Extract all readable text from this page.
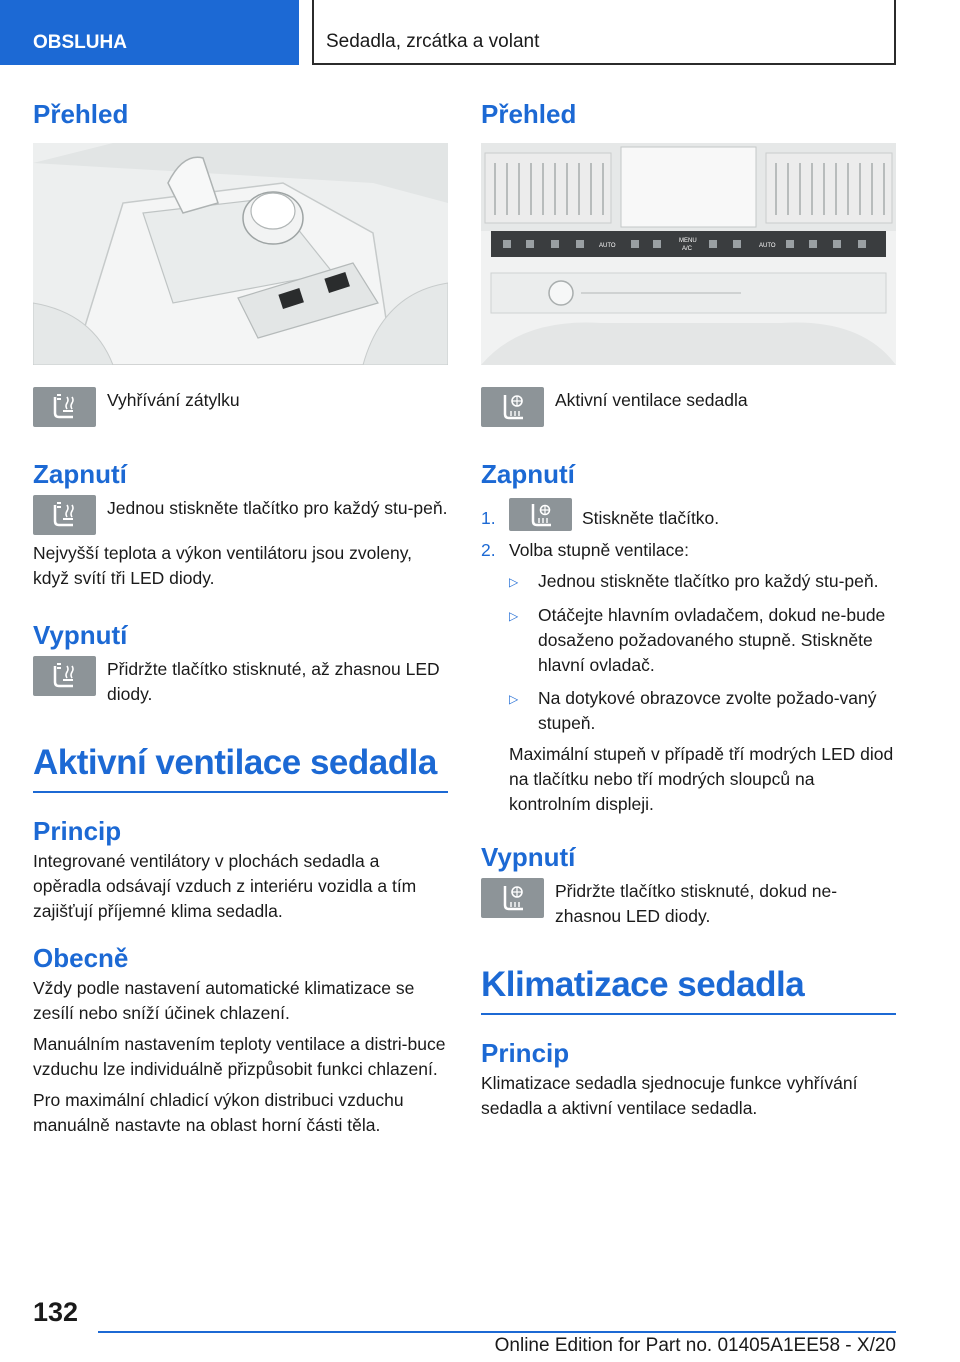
OBSLUHA	Sedadla, zrcátka a volant
Přehled
Vyhřívání zátylku
Zapnutí
Jednou stiskněte tlačítko pro každý stu-peň.
Nejvyšší teplota a výkon ventilátoru jsou zvoleny, když svítí tři LED diody.
Vypnutí
Přidržte tlačítko stisknuté, až zhasnou LED diody.
Aktivní ventilace sedadla
Princip
Integrované ventilátory v plochách sedadla a opěradla odsávají vzduch z interiéru vozidla a tím zajišťují příjemné klima sedadla.
Obecně
Vždy podle nastavení automatické klimatizace se zesílí nebo sníží účinek chlazení.
Manuálním nastavením teploty ventilace a distri-buce vzduchu lze individuálně přizpůsobit funkci chlazení.
Pro maximální chladicí výkon distribuci vzduchu manuálně nastavte na oblast horní části těla.
Přehled
AUTO
MENU
A/C	AUTO
Aktivní ventilace sedadla
Zapnutí
1.	Stiskněte tlačítko.
2. Volba stupně ventilace:
▷	Jednou stiskněte tlačítko pro každý stu-peň.
▷	Otáčejte hlavním ovladačem, dokud ne-bude dosaženo požadovaného stupně. Stiskněte hlavní ovladač.
▷	Na dotykové obrazovce zvolte požado-vaný stupeň.
Maximální stupeň v případě tří modrých LED diod na tlačítku nebo tří modrých sloupců na kontrolním displeji.
Vypnutí
Přidržte tlačítko stisknuté, dokud ne-zhasnou LED diody.
Klimatizace sedadla
Princip
Klimatizace sedadla sjednocuje funkce vyhřívání sedadla a aktivní ventilace sedadla.
132
Online Edition for Part no. 01405A1EE58 - X/20
